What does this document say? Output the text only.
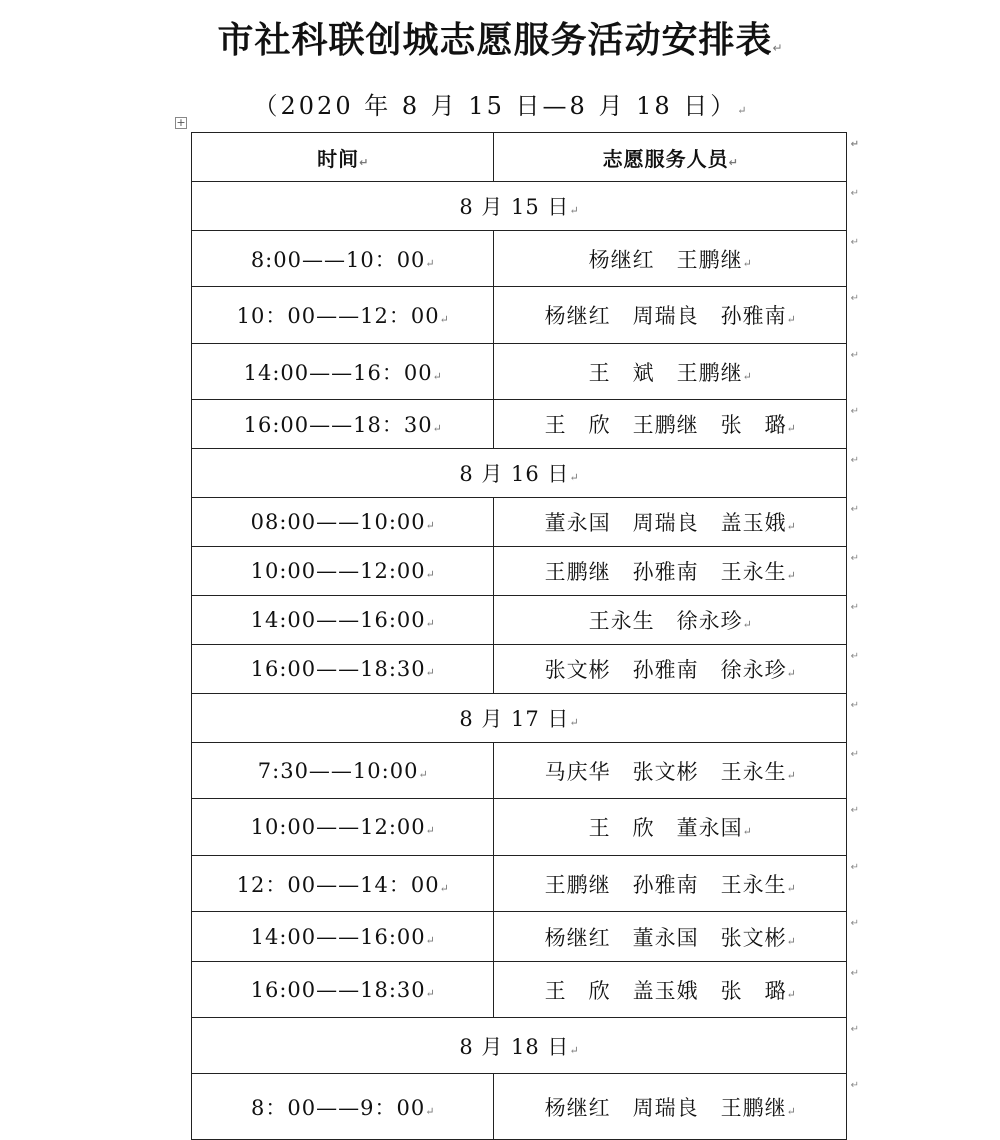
市社科联创城志愿服务活动安排表↵
（2020 年 8 月 15 日—8 月 18 日）↵
+
时间↵	志愿服务人员↵
↵

8 月 15 日↵
↵	

8:00——10：00↵	杨继红　王鹏继↵
↵

10：00——12：00↵	杨继红　周瑞良　孙雅南↵
↵

14:00——16：00↵	王　斌　王鹏继↵
↵

16:00——18：30↵	王　欣　王鹏继　张　璐↵
↵

8 月 16 日↵
↵	

08:00——10:00↵	董永国　周瑞良　盖玉娥↵
↵

10:00——12:00↵	王鹏继　孙雅南　王永生↵
↵

14:00——16:00↵	王永生　徐永珍↵
↵

16:00——18:30↵	张文彬　孙雅南　徐永珍↵
↵

8 月 17 日↵
↵	

7:30——10:00↵	马庆华　张文彬　王永生↵
↵

10:00——12:00↵	王　欣　董永国↵
↵

12：00——14：00↵	王鹏继　孙雅南　王永生↵
↵

14:00——16:00↵	杨继红　董永国　张文彬↵
↵

16:00——18:30↵	王　欣　盖玉娥　张　璐↵
↵

8 月 18 日↵
↵	

8：00——9：00↵	杨继红　周瑞良　王鹏继↵
↵
